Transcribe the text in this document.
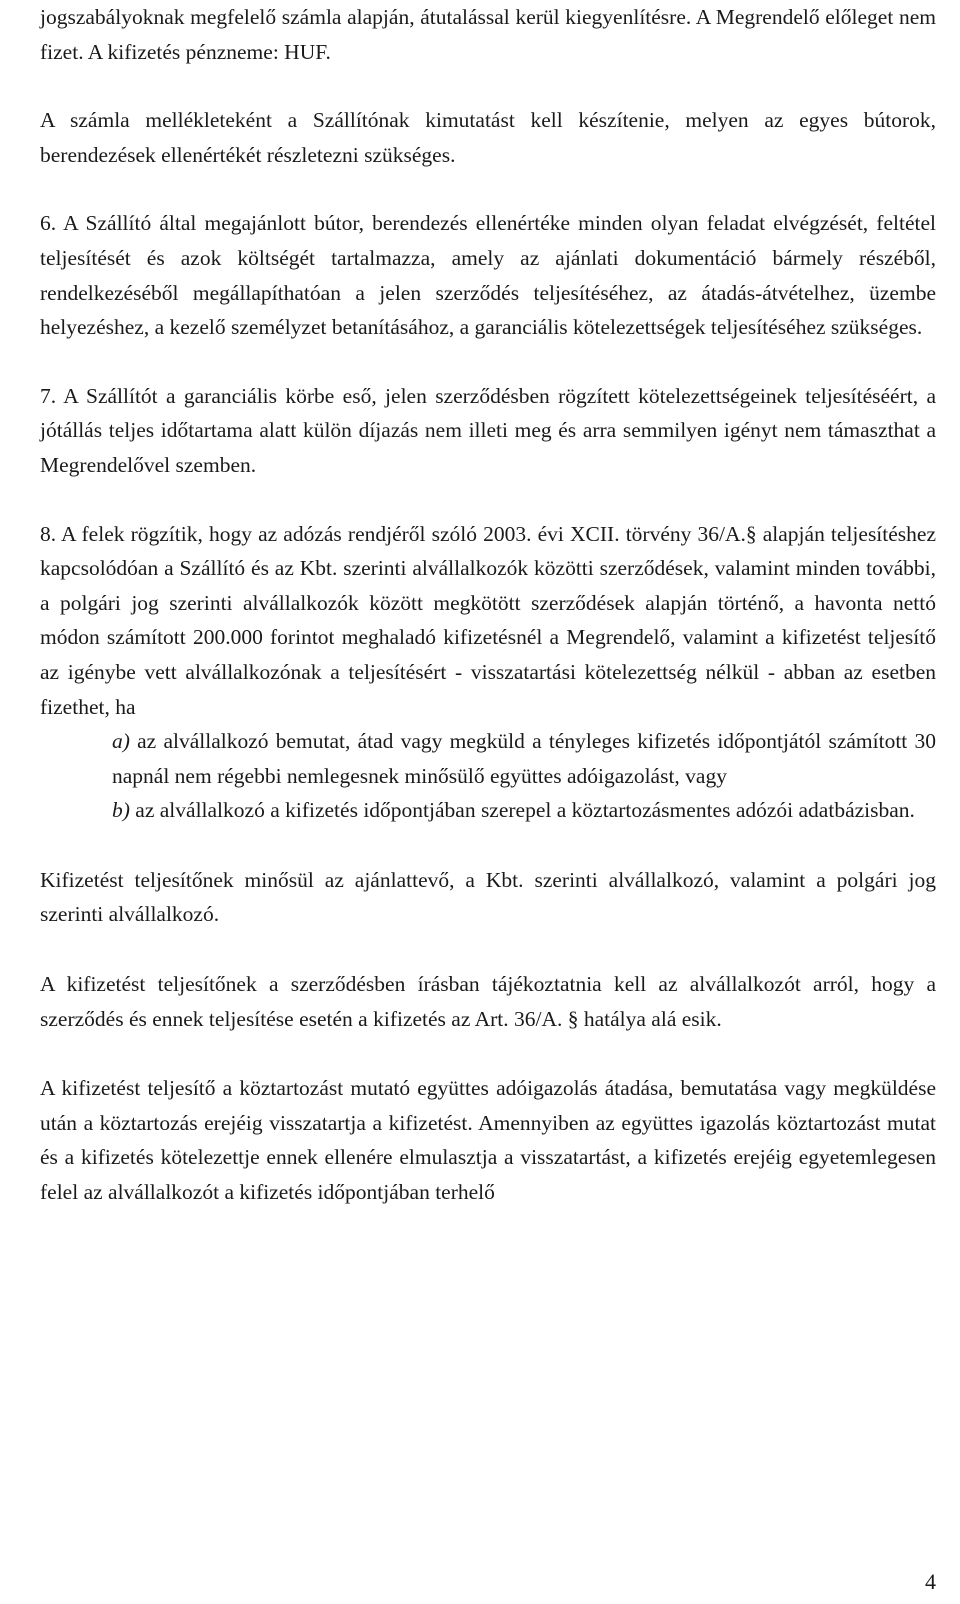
jogszabályoknak megfelelő számla alapján, átutalással kerül kiegyenlítésre. A Megrendelő előleget nem fizet. A kifizetés pénzneme: HUF.

A számla mellékleteként a Szállítónak kimutatást kell készítenie, melyen az egyes bútorok, berendezések ellenértékét részletezni szükséges.

6. A Szállító által megajánlott bútor, berendezés ellenértéke minden olyan feladat elvégzését, feltétel teljesítését és azok költségét tartalmazza, amely az ajánlati dokumentáció bármely részéből, rendelkezéséből megállapíthatóan a jelen szerződés teljesítéséhez, az átadás-átvételhez, üzembe helyezéshez, a kezelő személyzet betanításához, a garanciális kötelezettségek teljesítéséhez szükséges.

7. A Szállítót a garanciális körbe eső, jelen szerződésben rögzített kötelezettségeinek teljesítéséért, a jótállás teljes időtartama alatt külön díjazás nem illeti meg és arra semmilyen igényt nem támaszthat a Megrendelővel szemben.

8. A felek rögzítik, hogy az adózás rendjéről szóló 2003. évi XCII. törvény 36/A.§ alapján teljesítéshez kapcsolódóan a Szállító és az Kbt. szerinti alvállalkozók közötti szerződések, valamint minden további, a polgári jog szerinti alvállalkozók között megkötött szerződések alapján történő, a havonta nettó módon számított 200.000 forintot meghaladó kifizetésnél a Megrendelő, valamint a kifizetést teljesítő az igénybe vett alvállalkozónak a teljesítésért - visszatartási kötelezettség nélkül - abban az esetben fizethet, ha

a) az alvállalkozó bemutat, átad vagy megküld a tényleges kifizetés időpontjától számított 30 napnál nem régebbi nemlegesnek minősülő együttes adóigazolást, vagy

b) az alvállalkozó a kifizetés időpontjában szerepel a köztartozásmentes adózói adatbázisban.

Kifizetést teljesítőnek minősül az ajánlattevő, a Kbt. szerinti alvállalkozó, valamint a polgári jog szerinti alvállalkozó.

A kifizetést teljesítőnek a szerződésben írásban tájékoztatnia kell az alvállalkozót arról, hogy a szerződés és ennek teljesítése esetén a kifizetés az Art. 36/A. § hatálya alá esik.

A kifizetést teljesítő a köztartozást mutató együttes adóigazolás átadása, bemutatása vagy megküldése után a köztartozás erejéig visszatartja a kifizetést. Amennyiben az együttes igazolás köztartozást mutat és a kifizetés kötelezettje ennek ellenére elmulasztja a visszatartást, a kifizetés erejéig egyetemlegesen felel az alvállalkozót a kifizetés időpontjában terhelő

4
